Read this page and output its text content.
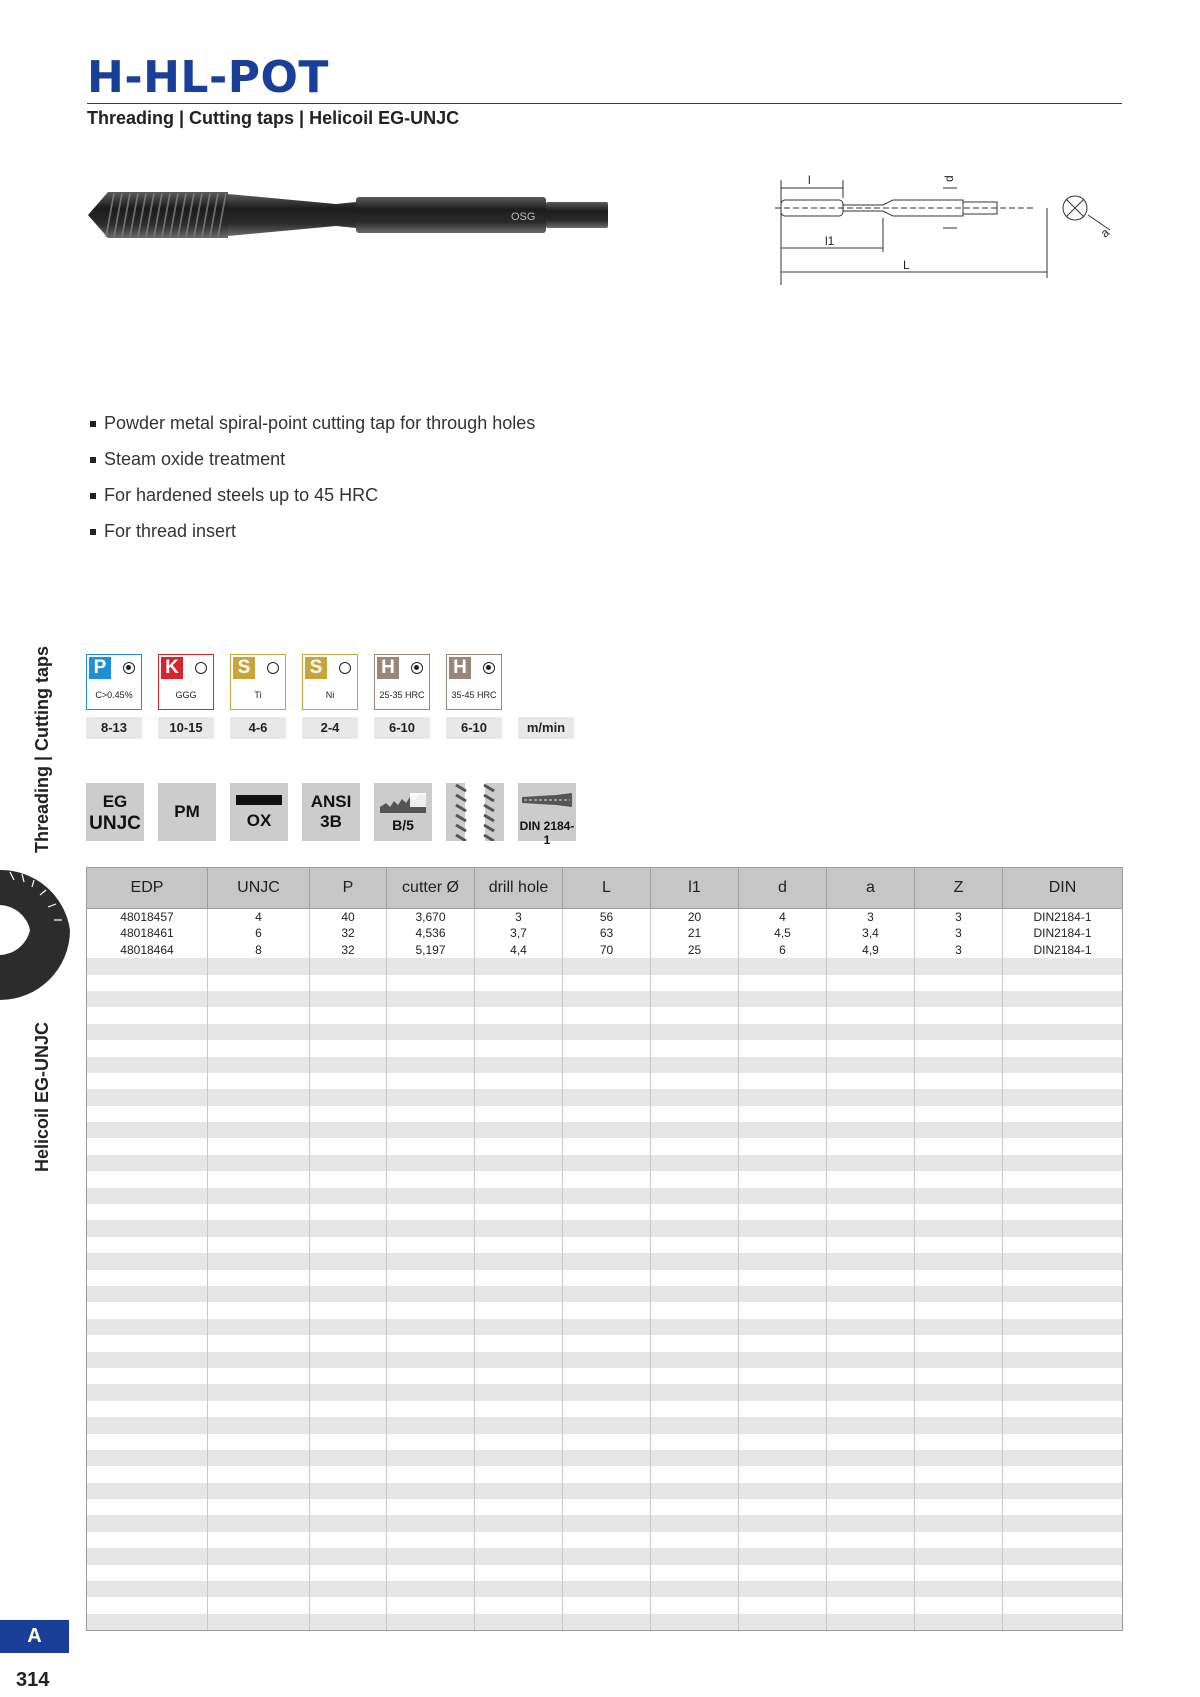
H-HL-POT
Threading | Cutting taps | Helicoil EG-UNJC
OSG
l
l1
L
d
a
Powder metal spiral-point cutting tap for through holes
Steam oxide treatment
For hardened steels up to 45 HRC
For thread insert
Threading | Cutting taps
Helicoil EG-UNJC
P
C>0.45%
K
GGG
S
Ti
S
Ni
H
25-35 HRC
H
35-45 HRC
8-13	10-15	4-6	2-4	6-10	6-10	m/min
EG
UNJC
PM	OX
ANSI
3B	B/5	DIN 2184-1
EDP	UNJC	P	cutter Ø	drill hole	L	l1	d	a	Z	DIN
48018457	4	40	3,670	3	56	20	4	3	3	DIN2184-1
48018461	6	32	4,536	3,7	63	21	4,5	3,4	3	DIN2184-1
48018464	8	32	5,197	4,4	70	25	6	4,9	3	DIN2184-1
A
314
